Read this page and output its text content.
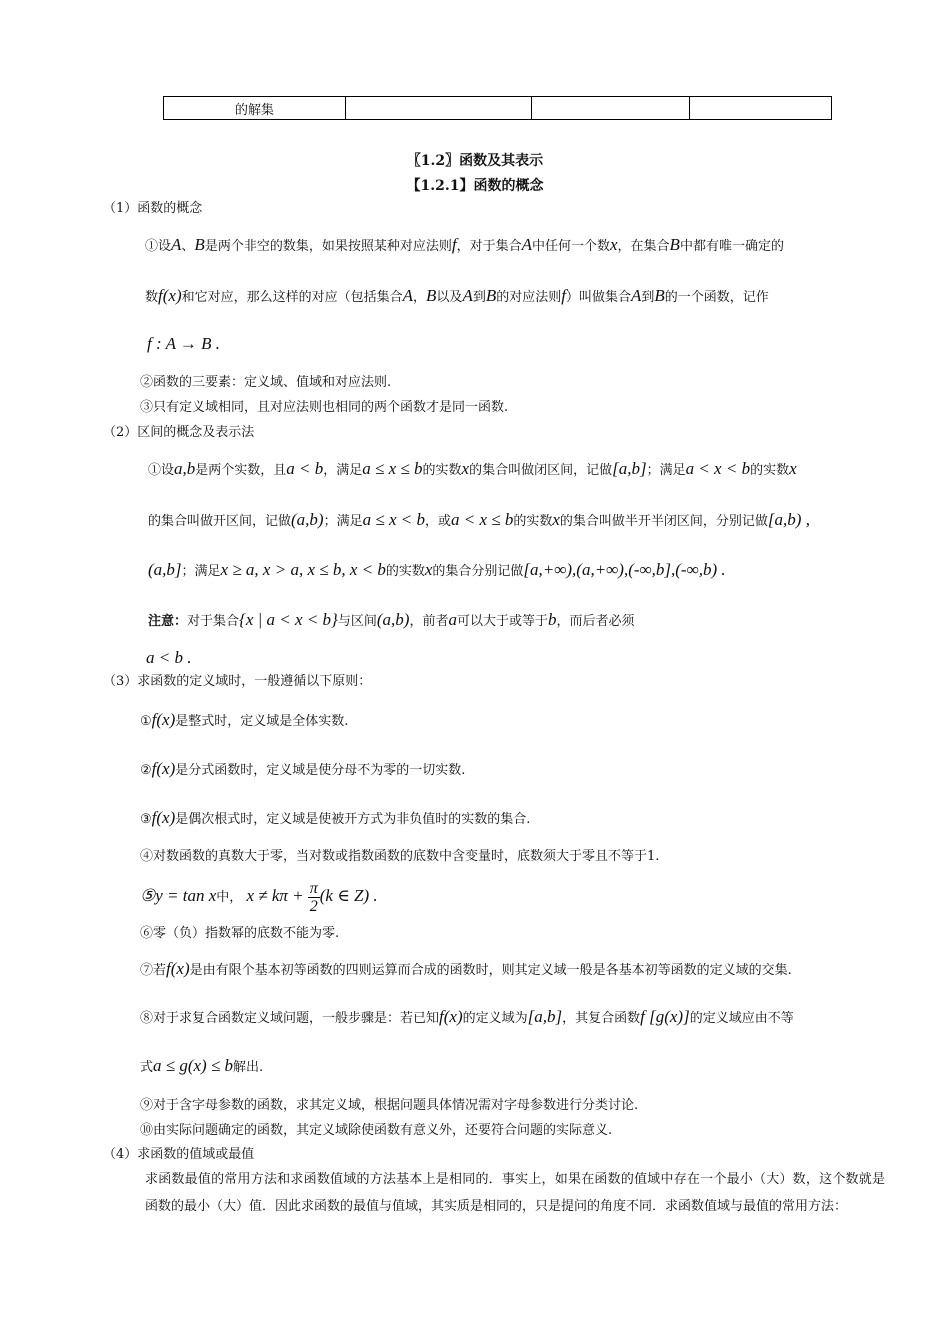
的解集			
〖1.2〗函数及其表示
【1.2.1】函数的概念
（1）函数的概念
①设A、B是两个非空的数集，如果按照某种对应法则f，对于集合A中任何一个数x，在集合B中都有唯一确定的
数f(x)和它对应，那么这样的对应（包括集合A，B以及A到B的对应法则f）叫做集合A到B的一个函数，记作
f : A → B .
②函数的三要素：定义域、值域和对应法则.
③只有定义域相同，且对应法则也相同的两个函数才是同一函数.
（2）区间的概念及表示法
①设a,b是两个实数，且a < b，满足a ≤ x ≤ b的实数x的集合叫做闭区间，记做[a,b]；满足a < x < b的实数x
的集合叫做开区间，记做(a,b)；满足a ≤ x < b，或a < x ≤ b的实数x的集合叫做半开半闭区间，分别记做[a,b) ,
(a,b]；满足x ≥ a, x > a, x ≤ b, x < b的实数x的集合分别记做[a,+∞),(a,+∞),(-∞,b],(-∞,b) .
注意：对于集合{x | a < x < b}与区间(a,b)，前者a可以大于或等于b，而后者必须
a < b .
（3）求函数的定义域时，一般遵循以下原则：
①f(x)是整式时，定义域是全体实数.
②f(x)是分式函数时，定义域是使分母不为零的一切实数.
③f(x)是偶次根式时，定义域是使被开方式为非负值时的实数的集合.
④对数函数的真数大于零，当对数或指数函数的底数中含变量时，底数须大于零且不等于1.
⑤y = tan x中， $x \ne k\pi + \frac{\pi}{2} (k$ ∈ Z) .
⑥零（负）指数幂的底数不能为零.
⑦若f(x)是由有限个基本初等函数的四则运算而合成的函数时，则其定义域一般是各基本初等函数的定义域的交集.
⑧对于求复合函数定义域问题，一般步骤是：若已知f(x)的定义域为[a,b]，其复合函数f [g(x)]的定义域应由不等
式a ≤ g(x) ≤ b解出.
⑨对于含字母参数的函数，求其定义域，根据问题具体情况需对字母参数进行分类讨论.
⑩由实际问题确定的函数，其定义域除使函数有意义外，还要符合问题的实际意义.
（4）求函数的值域或最值
求函数最值的常用方法和求函数值域的方法基本上是相同的．事实上，如果在函数的值域中存在一个最小（大）数，这个数就是函数的最小（大）值．因此求函数的最值与值域，其实质是相同的，只是提问的角度不同．求函数值域与最值的常用方法：
